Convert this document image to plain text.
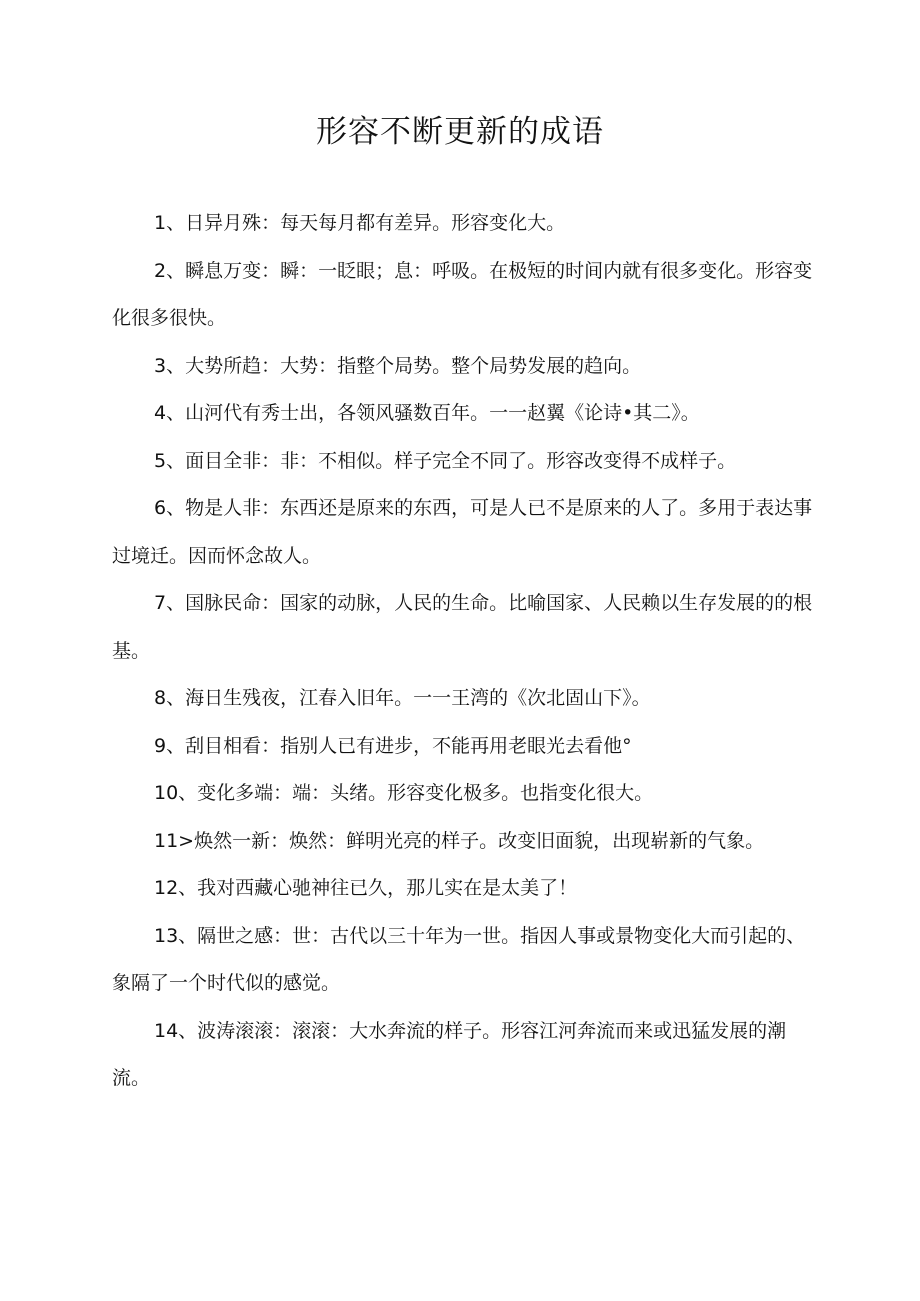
形容不断更新的成语

1、日异月殊：每天每月都有差异。形容变化大。

2、瞬息万变：瞬：一眨眼；息：呼吸。在极短的时间内就有很多变化。形容变化很多很快。

3、大势所趋：大势：指整个局势。整个局势发展的趋向。

4、山河代有秀士出，各领风骚数百年。一一赵翼《论诗•其二》。

5、面目全非：非：不相似。样子完全不同了。形容改变得不成样子。

6、物是人非：东西还是原来的东西，可是人已不是原来的人了。多用于表达事过境迁。因而怀念故人。

7、国脉民命：国家的动脉，人民的生命。比喻国家、人民赖以生存发展的的根基。

8、海日生残夜，江春入旧年。一一王湾的《次北固山下》。

9、刮目相看：指别人已有进步，不能再用老眼光去看他°

10、变化多端：端：头绪。形容变化极多。也指变化很大。

11>焕然一新：焕然：鲜明光亮的样子。改变旧面貌，出现崭新的气象。

12、我对西藏心驰神往已久，那儿实在是太美了！

13、隔世之感：世：古代以三十年为一世。指因人事或景物变化大而引起的、象隔了一个时代似的感觉。

14、波涛滚滚：滚滚：大水奔流的样子。形容江河奔流而来或迅猛发展的潮流。
